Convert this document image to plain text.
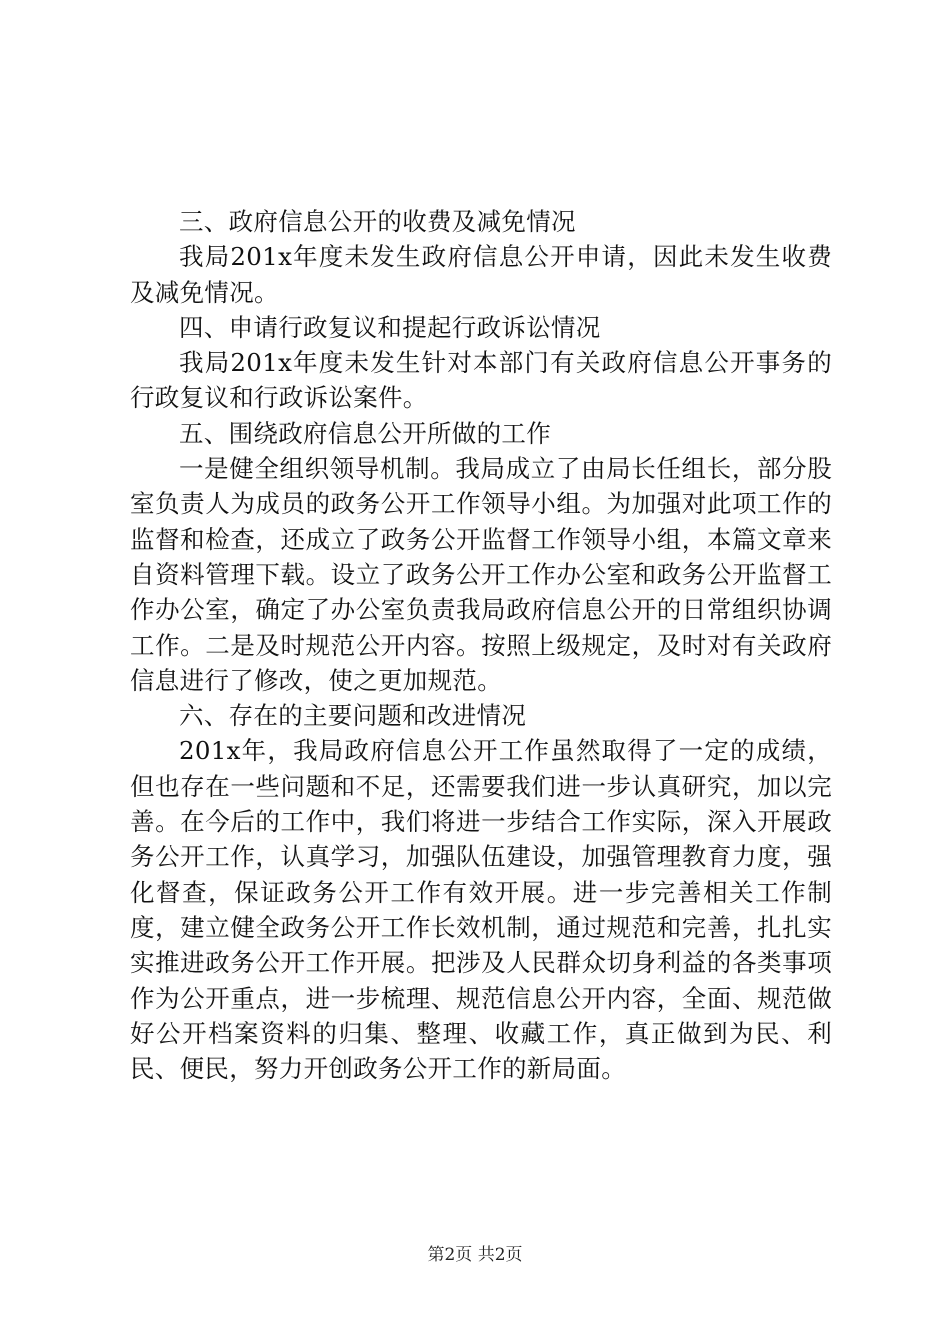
三、政府信息公开的收费及减免情况

我局201x年度未发生政府信息公开申请，因此未发生收费及减免情况。

四、申请行政复议和提起行政诉讼情况

我局201x年度未发生针对本部门有关政府信息公开事务的行政复议和行政诉讼案件。

五、围绕政府信息公开所做的工作

一是健全组织领导机制。我局成立了由局长任组长，部分股室负责人为成员的政务公开工作领导小组。为加强对此项工作的监督和检查，还成立了政务公开监督工作领导小组，本篇文章来自资料管理下载。设立了政务公开工作办公室和政务公开监督工作办公室，确定了办公室负责我局政府信息公开的日常组织协调工作。二是及时规范公开内容。按照上级规定，及时对有关政府信息进行了修改，使之更加规范。

六、存在的主要问题和改进情况

201x年，我局政府信息公开工作虽然取得了一定的成绩，但也存在一些问题和不足，还需要我们进一步认真研究，加以完善。在今后的工作中，我们将进一步结合工作实际，深入开展政务公开工作，认真学习，加强队伍建设，加强管理教育力度，强化督查，保证政务公开工作有效开展。进一步完善相关工作制度，建立健全政务公开工作长效机制，通过规范和完善，扎扎实实推进政务公开工作开展。把涉及人民群众切身利益的各类事项作为公开重点，进一步梳理、规范信息公开内容，全面、规范做好公开档案资料的归集、整理、收藏工作，真正做到为民、利民、便民，努力开创政务公开工作的新局面。

第2页 共2页
